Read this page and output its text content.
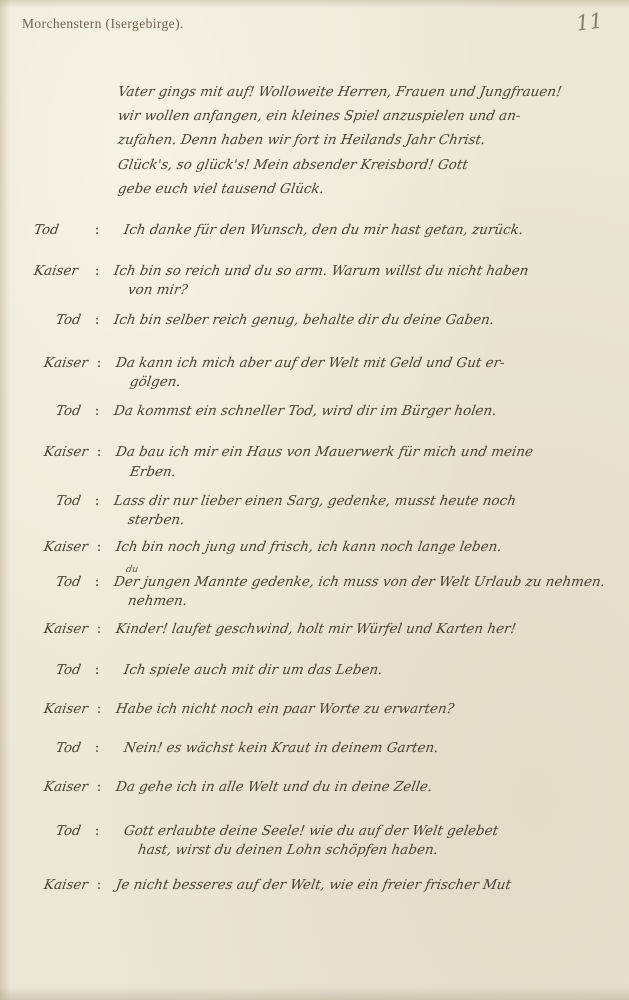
Morchenstern (Isergebirge).	11
Vater gings mit auf! Wolloweite Herren, Frauen und Jungfrauen!
wir wollen anfangen, ein kleines Spiel anzuspielen und an-
zufahen. Denn haben wir fort in Heilands Jahr Christ.
Glück's, so glück's! Mein absender Kreisbord! Gott
gebe euch viel tausend Glück.
Tod	: Ich danke für den Wunsch, den du mir hast getan, zurück.
Kaiser	: Ich bin so reich und du so arm. Warum willst du nicht haben
von mir?
Tod : Ich bin selber reich genug, behalte dir du deine Gaben.
Kaiser : Da kann ich mich aber auf der Welt mit Geld und Gut er-
gölgen.
Tod : Da kommst ein schneller Tod, wird dir im Bürger holen.
Kaiser : Da bau ich mir ein Haus von Mauerwerk für mich und meine
Erben.
Tod : Lass dir nur lieber einen Sarg, gedenke, musst heute noch
sterben.
Kaiser : Ich bin noch jung und frisch, ich kann noch lange leben.
Tod :
du
Der jungen Mannte gedenke, ich muss von der Welt Urlaub zu nehmen.
nehmen.
Kaiser : Kinder! laufet geschwind, holt mir Würfel und Karten her!
Tod : Ich spiele auch mit dir um das Leben.
Kaiser : Habe ich nicht noch ein paar Worte zu erwarten?
Tod : Nein! es wächst kein Kraut in deinem Garten.
Kaiser : Da gehe ich in alle Welt und du in deine Zelle.
Tod : Gott erlaubte deine Seele! wie du auf der Welt gelebet
hast, wirst du deinen Lohn schöpfen haben.
Kaiser : Je nicht besseres auf der Welt, wie ein freier frischer Mut
